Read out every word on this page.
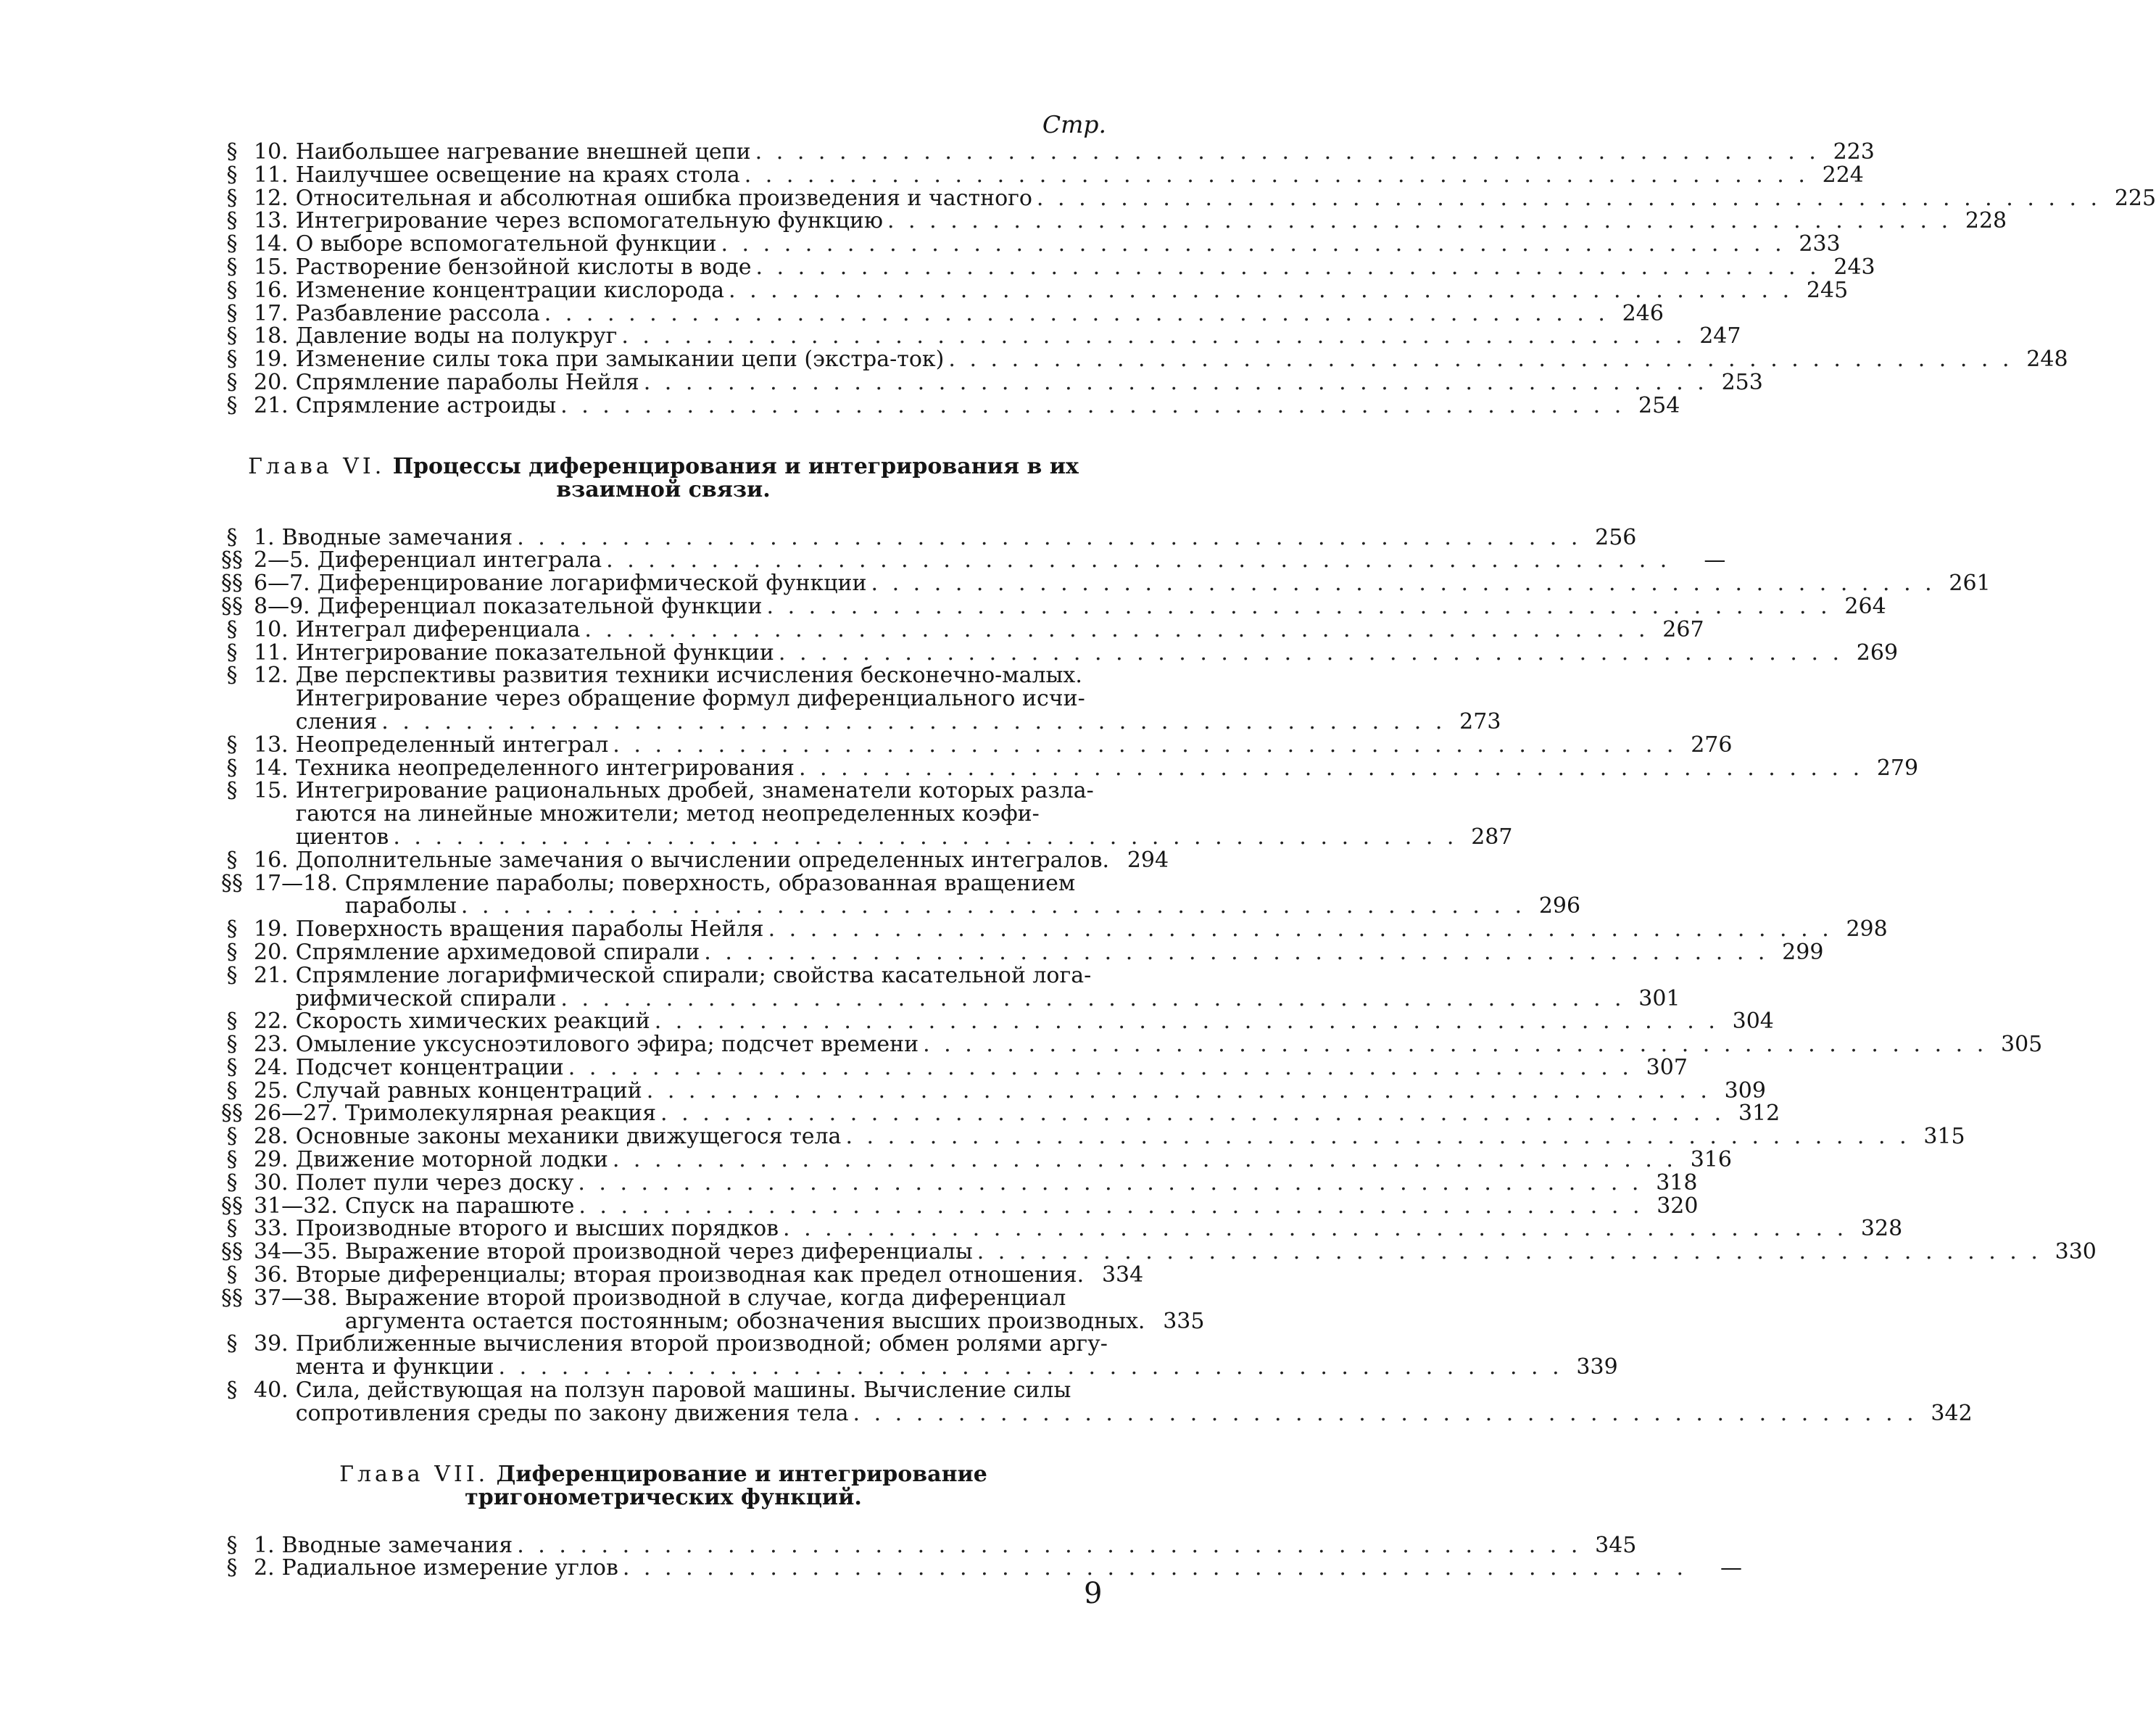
Стр.
§ 10. Наибольшее нагревание внешней цепи . . . . . . . . . . . . . . . . . . . . . . . . . . . . . . . . . . . . . . . . . . . . . . . . . . . 223
§ 11. Наилучшее освещение на краях стола . . . . . . . . . . . . . . . . . . . . . . . . . . . . . . . . . . . . . . . . . . . . . . . . . . . 224
§ 12. Относительная и абсолютная ошибка произведения и частного . . . . . . . . . . . . . . . . . . . . . . . . . . . . . . . . . . . . . . . . . . . . . . . . . . . 225
§ 13. Интегрирование через вспомогательную функцию . . . . . . . . . . . . . . . . . . . . . . . . . . . . . . . . . . . . . . . . . . . . . . . . . . . 228
§ 14. О выборе вспомогательной функции . . . . . . . . . . . . . . . . . . . . . . . . . . . . . . . . . . . . . . . . . . . . . . . . . . . 233
§ 15. Растворение бензойной кислоты в воде . . . . . . . . . . . . . . . . . . . . . . . . . . . . . . . . . . . . . . . . . . . . . . . . . . . 243
§ 16. Изменение концентрации кислорода . . . . . . . . . . . . . . . . . . . . . . . . . . . . . . . . . . . . . . . . . . . . . . . . . . . 245
§ 17. Разбавление рассола . . . . . . . . . . . . . . . . . . . . . . . . . . . . . . . . . . . . . . . . . . . . . . . . . . . 246
§ 18. Давление воды на полукруг . . . . . . . . . . . . . . . . . . . . . . . . . . . . . . . . . . . . . . . . . . . . . . . . . . . 247
§ 19. Изменение силы тока при замыкании цепи (экстра-ток) . . . . . . . . . . . . . . . . . . . . . . . . . . . . . . . . . . . . . . . . . . . . . . . . . . . 248
§ 20. Спрямление параболы Нейля . . . . . . . . . . . . . . . . . . . . . . . . . . . . . . . . . . . . . . . . . . . . . . . . . . . 253
§ 21. Спрямление астроиды . . . . . . . . . . . . . . . . . . . . . . . . . . . . . . . . . . . . . . . . . . . . . . . . . . . 254
Глава VI. Процессы диференцирования и интегрирования в их взаимной связи.
§ 1. Вводные замечания . . . . . . . . . . . . . . . . . . . . . . . . . . . . . . . . . . . . . . . . . . . . . . . . . . . 256
§§ 2—5. Диференциал интеграла . . . . . . . . . . . . . . . . . . . . . . . . . . . . . . . . . . . . . . . . . . . . . . . . . . .	—
§§ 6—7. Диференцирование логарифмической функции . . . . . . . . . . . . . . . . . . . . . . . . . . . . . . . . . . . . . . . . . . . . . . . . . . . 261
§§ 8—9. Диференциал показательной функции . . . . . . . . . . . . . . . . . . . . . . . . . . . . . . . . . . . . . . . . . . . . . . . . . . . 264
§ 10. Интеграл диференциала . . . . . . . . . . . . . . . . . . . . . . . . . . . . . . . . . . . . . . . . . . . . . . . . . . . 267
§ 11. Интегрирование показательной функции . . . . . . . . . . . . . . . . . . . . . . . . . . . . . . . . . . . . . . . . . . . . . . . . . . . 269
§ 12. Две перспективы развития техники исчисления бесконечно-малых.
Интегрирование через обращение формул диференциального исчи-
сления . . . . . . . . . . . . . . . . . . . . . . . . . . . . . . . . . . . . . . . . . . . . . . . . . . . 273
§ 13. Неопределенный интеграл . . . . . . . . . . . . . . . . . . . . . . . . . . . . . . . . . . . . . . . . . . . . . . . . . . . 276
§ 14. Техника неопределенного интегрирования . . . . . . . . . . . . . . . . . . . . . . . . . . . . . . . . . . . . . . . . . . . . . . . . . . . 279
§ 15. Интегрирование рациональных дробей, знаменатели которых разла-
гаются на линейные множители; метод неопределенных коэфи-
циентов . . . . . . . . . . . . . . . . . . . . . . . . . . . . . . . . . . . . . . . . . . . . . . . . . . . 287
§ 16. Дополнительные замечания о вычислении определенных интегралов. 294
§§ 17—18. Спрямление параболы; поверхность, образованная вращением
параболы . . . . . . . . . . . . . . . . . . . . . . . . . . . . . . . . . . . . . . . . . . . . . . . . . . . 296
§ 19. Поверхность вращения параболы Нейля . . . . . . . . . . . . . . . . . . . . . . . . . . . . . . . . . . . . . . . . . . . . . . . . . . . 298
§ 20. Спрямление архимедовой спирали . . . . . . . . . . . . . . . . . . . . . . . . . . . . . . . . . . . . . . . . . . . . . . . . . . . 299
§ 21. Спрямление логарифмической спирали; свойства касательной лога-
рифмической спирали . . . . . . . . . . . . . . . . . . . . . . . . . . . . . . . . . . . . . . . . . . . . . . . . . . . 301
§ 22. Скорость химических реакций . . . . . . . . . . . . . . . . . . . . . . . . . . . . . . . . . . . . . . . . . . . . . . . . . . . 304
§ 23. Омыление уксусноэтилового эфира; подсчет времени . . . . . . . . . . . . . . . . . . . . . . . . . . . . . . . . . . . . . . . . . . . . . . . . . . . 305
§ 24. Подсчет концентрации . . . . . . . . . . . . . . . . . . . . . . . . . . . . . . . . . . . . . . . . . . . . . . . . . . . 307
§ 25. Случай равных концентраций . . . . . . . . . . . . . . . . . . . . . . . . . . . . . . . . . . . . . . . . . . . . . . . . . . . 309
§§ 26—27. Тримолекулярная реакция . . . . . . . . . . . . . . . . . . . . . . . . . . . . . . . . . . . . . . . . . . . . . . . . . . . 312
§ 28. Основные законы механики движущегося тела . . . . . . . . . . . . . . . . . . . . . . . . . . . . . . . . . . . . . . . . . . . . . . . . . . . 315
§ 29. Движение моторной лодки . . . . . . . . . . . . . . . . . . . . . . . . . . . . . . . . . . . . . . . . . . . . . . . . . . . 316
§ 30. Полет пули через доску . . . . . . . . . . . . . . . . . . . . . . . . . . . . . . . . . . . . . . . . . . . . . . . . . . . 318
§§ 31—32. Спуск на парашюте . . . . . . . . . . . . . . . . . . . . . . . . . . . . . . . . . . . . . . . . . . . . . . . . . . . 320
§ 33. Производные второго и высших порядков . . . . . . . . . . . . . . . . . . . . . . . . . . . . . . . . . . . . . . . . . . . . . . . . . . . 328
§§ 34—35. Выражение второй производной через диференциалы . . . . . . . . . . . . . . . . . . . . . . . . . . . . . . . . . . . . . . . . . . . . . . . . . . . 330
§ 36. Вторые диференциалы; вторая производная как предел отношения. 334
§§ 37—38. Выражение второй производной в случае, когда диференциал
аргумента остается постоянным; обозначения высших производных. 335
§ 39. Приближенные вычисления второй производной; обмен ролями аргу-
мента и функции . . . . . . . . . . . . . . . . . . . . . . . . . . . . . . . . . . . . . . . . . . . . . . . . . . . 339
§ 40. Сила, действующая на ползун паровой машины. Вычисление силы
сопротивления среды по закону движения тела . . . . . . . . . . . . . . . . . . . . . . . . . . . . . . . . . . . . . . . . . . . . . . . . . . . 342
Глава VII. Диференцирование и интегрирование тригонометрических функций.
§ 1. Вводные замечания . . . . . . . . . . . . . . . . . . . . . . . . . . . . . . . . . . . . . . . . . . . . . . . . . . . 345
§ 2. Радиальное измерение углов . . . . . . . . . . . . . . . . . . . . . . . . . . . . . . . . . . . . . . . . . . . . . . . . . . .	—
9
